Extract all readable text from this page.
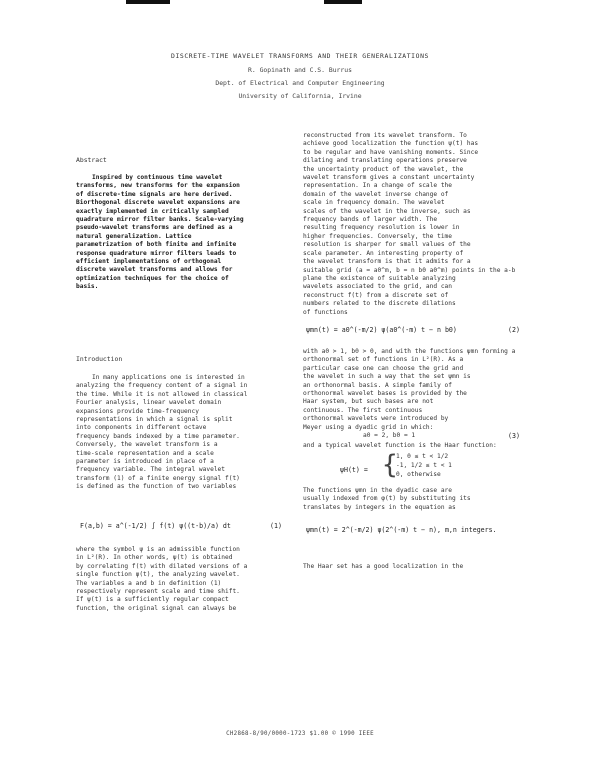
DISCRETE-TIME WAVELET TRANSFORMS AND THEIR GENERALIZATIONS
R. Gopinath and C.S. Burrus
Dept. of Electrical and Computer Engineering
University of California, Irvine
Abstract
Inspired by continuous time wavelet
transforms, new transforms for the expansion
of discrete-time signals are here derived.
Biorthogonal discrete wavelet expansions are
exactly implemented in critically sampled
quadrature mirror filter banks. Scale-varying
pseudo-wavelet transforms are defined as a
natural generalization. Lattice
parametrization of both finite and infinite
response quadrature mirror filters leads to
efficient implementations of orthogonal
discrete wavelet transforms and allows for
optimization techniques for the choice of
basis.
Introduction
In many applications one is interested in
analyzing the frequency content of a signal in
the time. While it is not allowed in classical
Fourier analysis, linear wavelet domain
expansions provide time-frequency
representations in which a signal is split
into components in different octave
frequency bands indexed by a time parameter.
Conversely, the wavelet transform is a
time-scale representation and a scale
parameter is introduced in place of a
frequency variable. The integral wavelet
transform (1) of a finite energy signal f(t)
is defined as the function of two variables
F(a,b) = a^(-1/2) ∫ f(t) ψ((t-b)/a) dt	(1)
where the symbol ψ is an admissible function
in L²(R). In other words, ψ(t) is obtained
by correlating f(t) with dilated versions of a
single function ψ(t), the analyzing wavelet.
The variables a and b in definition (1)
respectively represent scale and time shift.
If ψ(t) is a sufficiently regular compact
function, the original signal can always be
reconstructed from its wavelet transform. To
achieve good localization the function ψ(t) has
to be regular and have vanishing moments. Since
dilating and translating operations preserve
the uncertainty product of the wavelet, the
wavelet transform gives a constant uncertainty
representation. In a change of scale the
domain of the wavelet inverse change of
scale in frequency domain. The wavelet
scales of the wavelet in the inverse, such as
frequency bands of larger width. The
resulting frequency resolution is lower in
higher frequencies. Conversely, the time
resolution is sharper for small values of the
scale parameter. An interesting property of
the wavelet transform is that it admits for a
suitable grid (a = a0^m, b = n b0 a0^m) points in the a-b
plane the existence of suitable analyzing
wavelets associated to the grid, and can
reconstruct f(t) from a discrete set of
numbers related to the discrete dilations
of functions
ψmn(t) = a0^(-m/2) ψ(a0^(-m) t − n b0)	(2)
with a0 > 1, b0 > 0, and with the functions ψmn forming a
orthonormal set of functions in L²(R). As a
particular case one can choose the grid and
the wavelet in such a way that the set ψmn is
an orthonormal basis. A simple family of
orthonormal wavelet bases is provided by the
Haar system, but such bases are not
continuous. The first continuous
orthonormal wavelets were introduced by
Meyer using a dyadic grid in which:
a0 = 2, b0 = 1	(3)
and a typical wavelet function is the Haar function:
ψH(t) = {
1, 0 ≤ t < 1/2
-1, 1/2 ≤ t < 1
0, otherwise
The functions ψmn in the dyadic case are
usually indexed from φ(t) by substituting its
translates by integers in the equation as
ψmn(t) = 2^(-m/2) ψ(2^(-m) t − n), m,n integers.
The Haar set has a good localization in the
CH2868-8/90/0000-1723 $1.00 © 1990 IEEE
